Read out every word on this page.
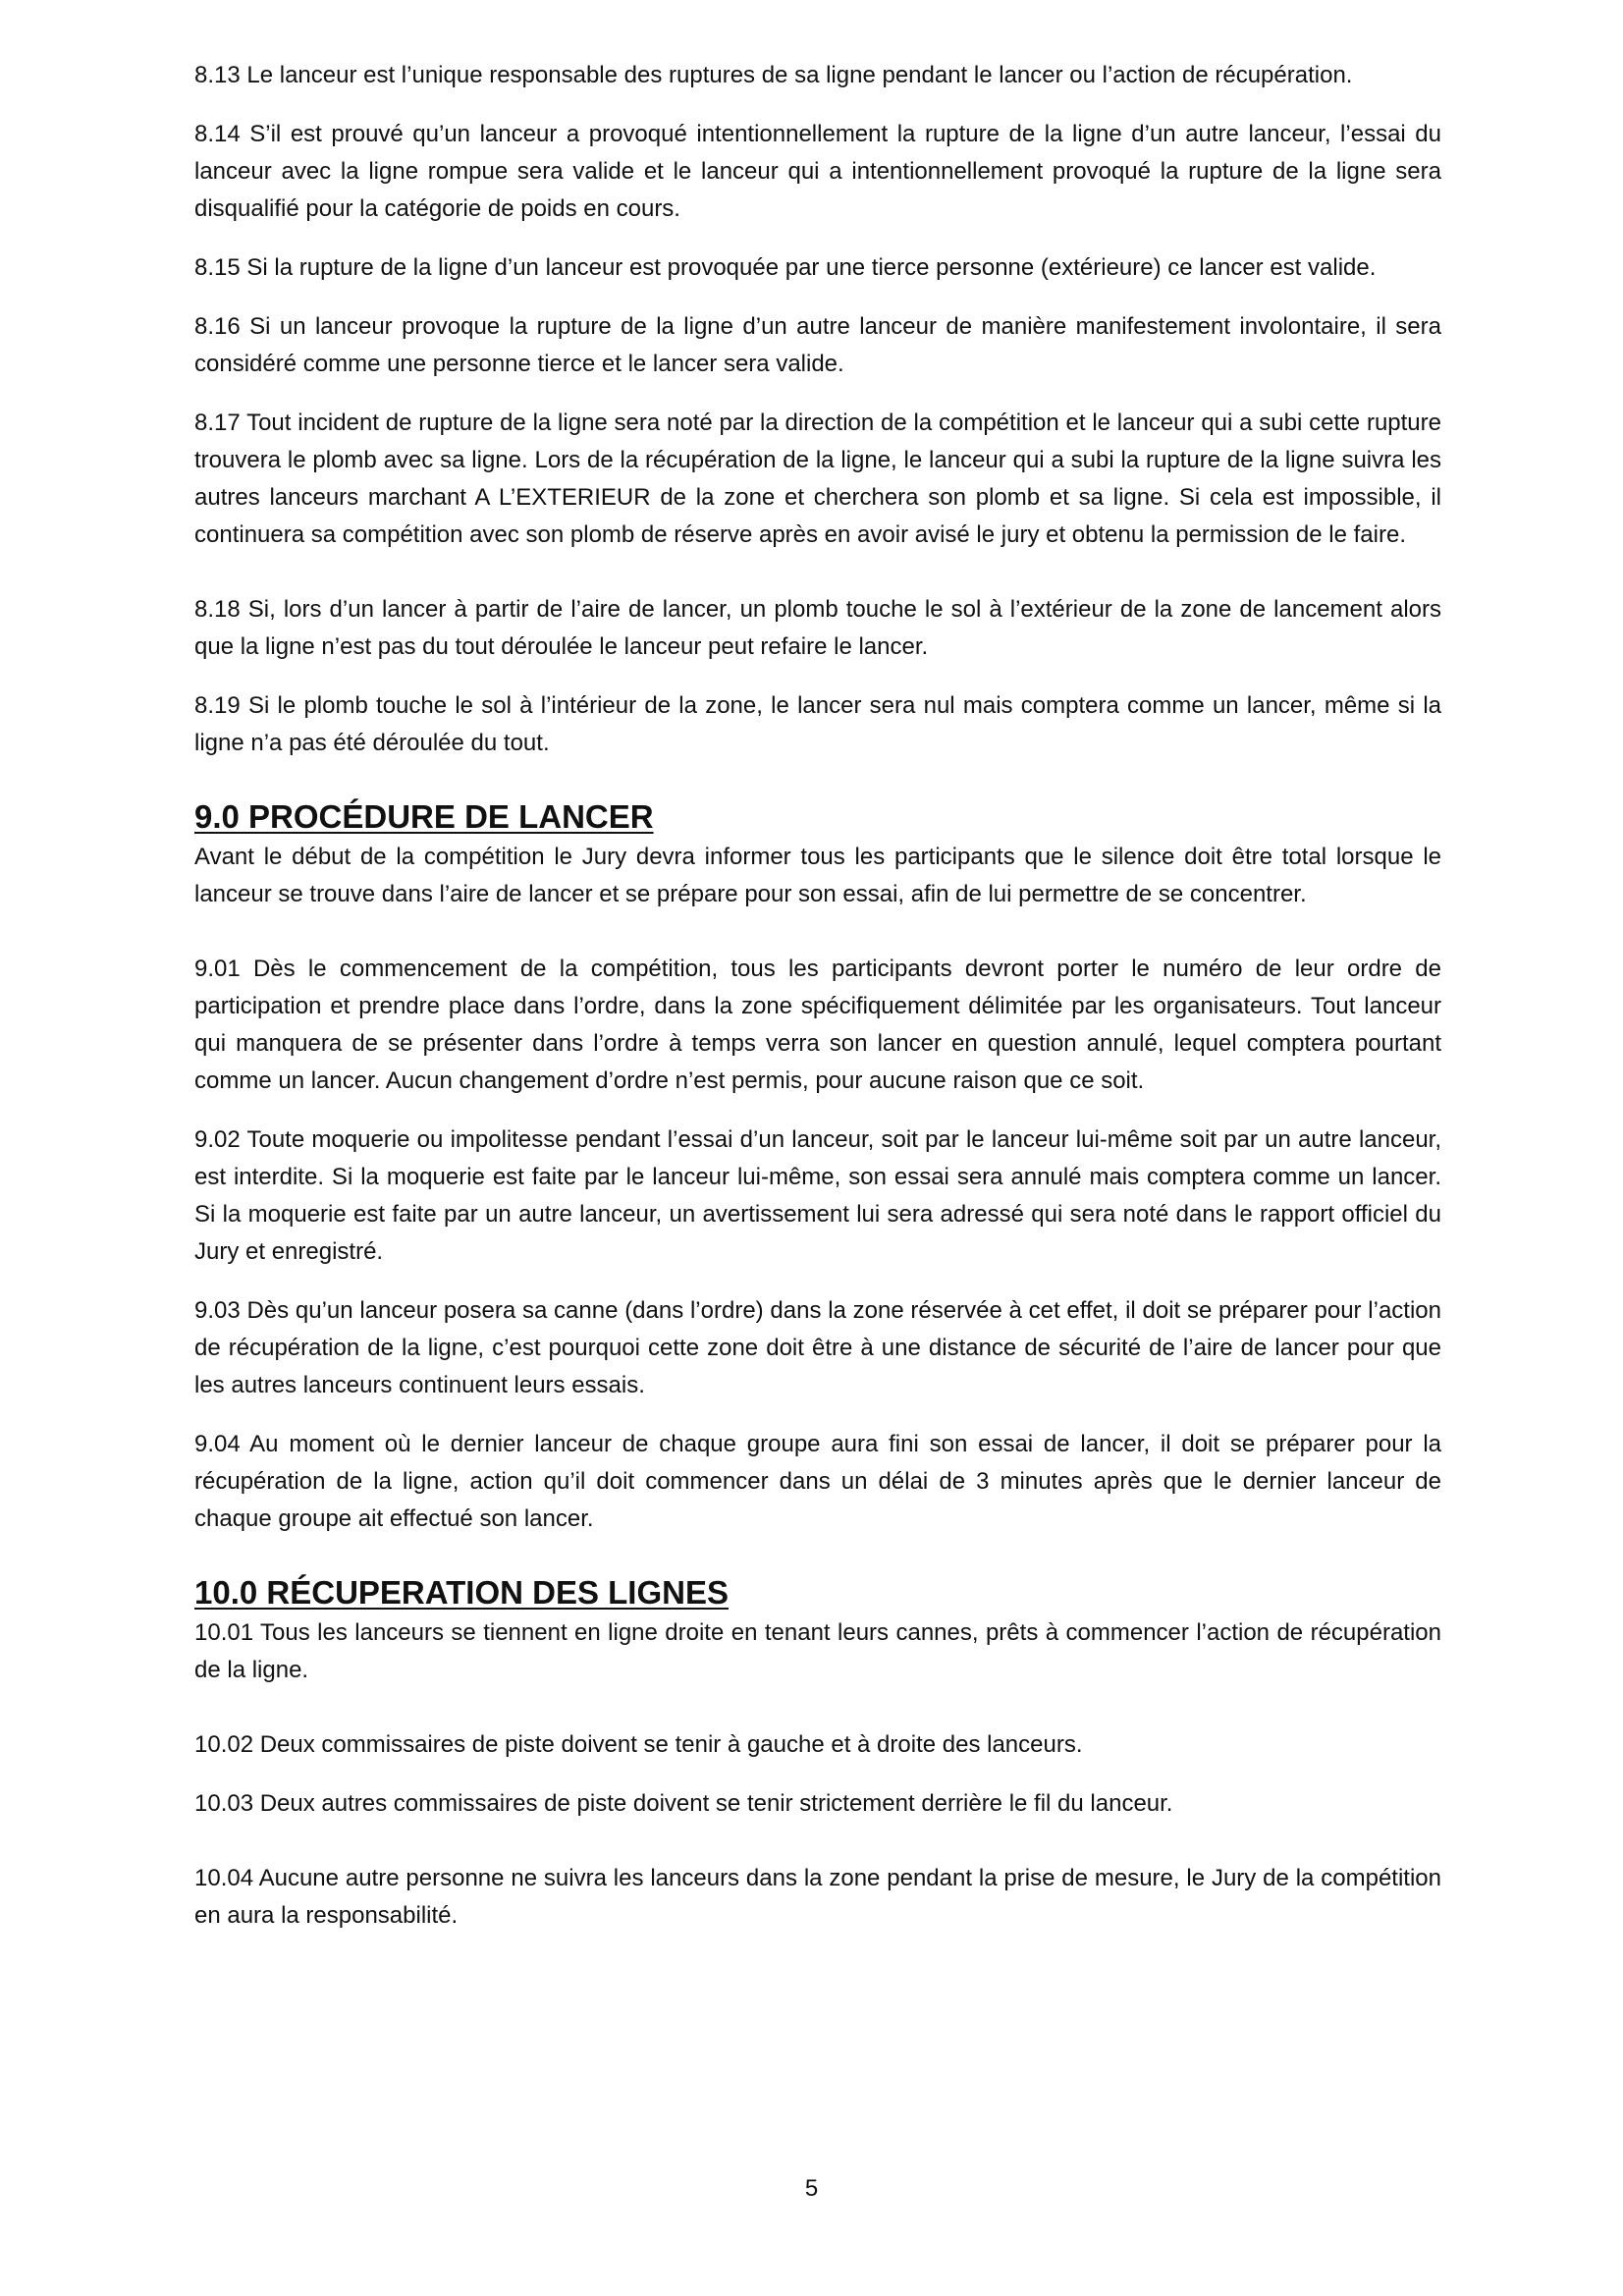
8.13 Le lanceur est l’unique responsable des ruptures de sa ligne pendant le lancer ou l’action de récupération.

8.14 S’il est prouvé qu’un lanceur a provoqué intentionnellement la rupture de la ligne d’un autre lanceur, l’essai du lanceur avec la ligne rompue sera valide et le lanceur qui a intentionnellement provoqué la rupture de la ligne sera disqualifié pour la catégorie de poids en cours.

8.15 Si la rupture de la ligne d’un lanceur est provoquée par une tierce personne (extérieure) ce lancer est valide.

8.16 Si un lanceur provoque la rupture de la ligne d’un autre lanceur de manière manifestement involontaire, il sera considéré comme une personne tierce et le lancer sera valide.

8.17 Tout incident de rupture de la ligne sera noté par la direction de la compétition et le lanceur qui a subi cette rupture trouvera le plomb avec sa ligne. Lors de la récupération de la ligne, le lanceur qui a subi la rupture de la ligne suivra les autres lanceurs marchant A L’EXTERIEUR de la zone et cherchera son plomb et sa ligne. Si cela est impossible, il continuera sa compétition avec son plomb de réserve après en avoir avisé le jury et obtenu la permission de le faire.

8.18 Si, lors d’un lancer à partir de l’aire de lancer, un plomb touche le sol à l’extérieur de la zone de lancement alors que la ligne n’est pas du tout déroulée le lanceur peut refaire le lancer.

8.19 Si le plomb touche le sol à l’intérieur de la zone, le lancer sera nul mais comptera comme un lancer, même si la ligne n’a pas été déroulée du tout.

9.0 PROCÉDURE DE LANCER

Avant le début de la compétition le Jury devra informer tous les participants que le silence doit être total lorsque le lanceur se trouve dans l’aire de lancer et se prépare pour son essai, afin de lui permettre de se concentrer.

9.01 Dès le commencement de la compétition, tous les participants devront porter le numéro de leur ordre de participation et prendre place dans l’ordre, dans la zone spécifiquement délimitée par les organisateurs. Tout lanceur qui manquera de se présenter dans l’ordre à temps verra son lancer en question annulé, lequel comptera pourtant comme un lancer. Aucun changement d’ordre n’est permis, pour aucune raison que ce soit.

9.02 Toute moquerie ou impolitesse pendant l’essai d’un lanceur, soit par le lanceur lui-même soit par un autre lanceur, est interdite. Si la moquerie est faite par le lanceur lui-même, son essai sera annulé mais comptera comme un lancer. Si la moquerie est faite par un autre lanceur, un avertissement lui sera adressé qui sera noté dans le rapport officiel du Jury et enregistré.

9.03 Dès qu’un lanceur posera sa canne (dans l’ordre) dans la zone réservée à cet effet, il doit se préparer pour l’action de récupération de la ligne, c’est pourquoi cette zone doit être à une distance de sécurité de l’aire de lancer pour que les autres lanceurs continuent leurs essais.

9.04 Au moment où le dernier lanceur de chaque groupe aura fini son essai de lancer, il doit se préparer pour la récupération de la ligne, action qu’il doit commencer dans un délai de 3 minutes après que le dernier lanceur de chaque groupe ait effectué son lancer.

10.0 RÉCUPERATION DES LIGNES

10.01 Tous les lanceurs se tiennent en ligne droite en tenant leurs cannes, prêts à commencer l’action de récupération de la ligne.

10.02 Deux commissaires de piste doivent se tenir à gauche et à droite des lanceurs.

10.03 Deux autres commissaires de piste doivent se tenir strictement derrière le fil du lanceur.

10.04 Aucune autre personne ne suivra les lanceurs dans la zone pendant la prise de mesure, le Jury de la compétition en aura la responsabilité.

5
